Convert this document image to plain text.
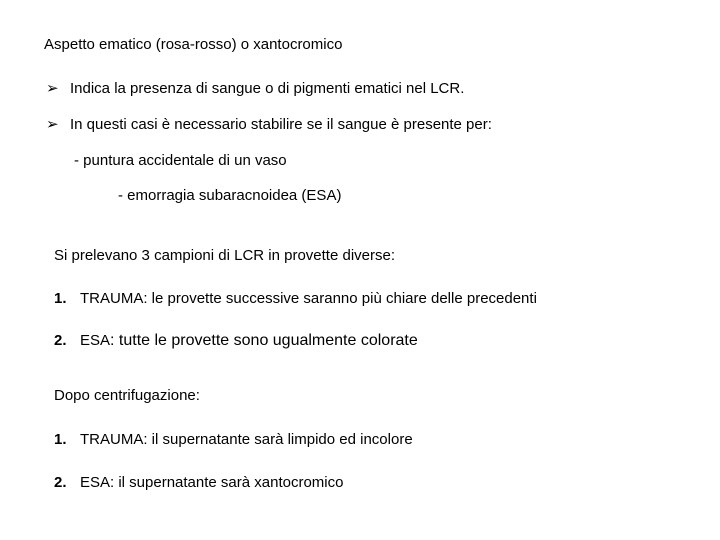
Aspetto ematico (rosa-rosso) o xantocromico
➢ Indica la presenza di sangue o di pigmenti ematici nel LCR.
➢ In questi casi è necessario stabilire se il sangue è presente per:
- puntura accidentale di un vaso
- emorragia subaracnoidea (ESA)
Si prelevano 3 campioni di LCR in provette diverse:
1. TRAUMA: le provette successive saranno più chiare delle precedenti
2. ESA: tutte le provette sono ugualmente colorate
Dopo centrifugazione:
1. TRAUMA: il supernatante sarà limpido ed incolore
2. ESA: il supernatante sarà xantocromico
